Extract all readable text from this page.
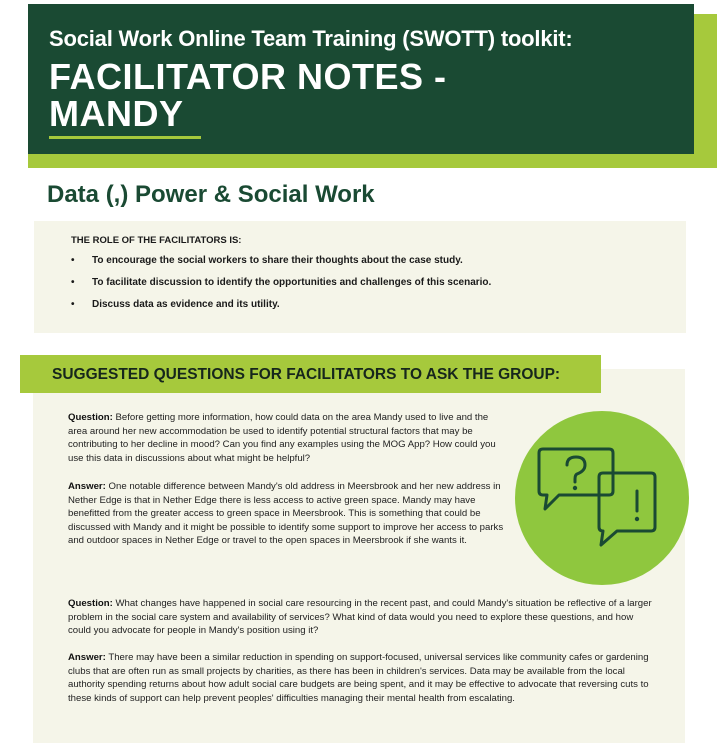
Social Work Online Team Training (SWOTT) toolkit:
FACILITATOR NOTES -
MANDY
Data (,) Power & Social Work
THE ROLE OF THE FACILITATORS IS:
• To encourage the social workers to share their thoughts about the case study.
• To facilitate discussion to identify the opportunities and challenges of this scenario.
• Discuss data as evidence and its utility.
SUGGESTED QUESTIONS FOR FACILITATORS TO ASK THE GROUP:

Question: Before getting more information, how could data on the area Mandy used to live and the area around her new accommodation be used to identify potential structural factors that may be contributing to her decline in mood? Can you find any examples using the MOG App? How could you use this data in discussions about what might be helpful?

Answer: One notable difference between Mandy's old address in Meersbrook and her new address in Nether Edge is that in Nether Edge there is less access to active green space. Mandy may have benefitted from the greater access to green space in Meersbrook. This is something that could be discussed with Mandy and it might be possible to identify some support to improve her access to parks and outdoor spaces in Nether Edge or travel to the open spaces in Meersbrook if she wants it.

Question: What changes have happened in social care resourcing in the recent past, and could Mandy's situation be reflective of a larger problem in the social care system and availability of services? What kind of data would you need to explore these questions, and how could you advocate for people in Mandy's position using it?

Answer: There may have been a similar reduction in spending on support-focused, universal services like community cafes or gardening clubs that are often run as small projects by charities, as there has been in children's services. Data may be available from the local authority spending returns about how adult social care budgets are being spent, and it may be effective to advocate that reversing cuts to these kinds of support can help prevent peoples' difficulties managing their mental health from escalating.
